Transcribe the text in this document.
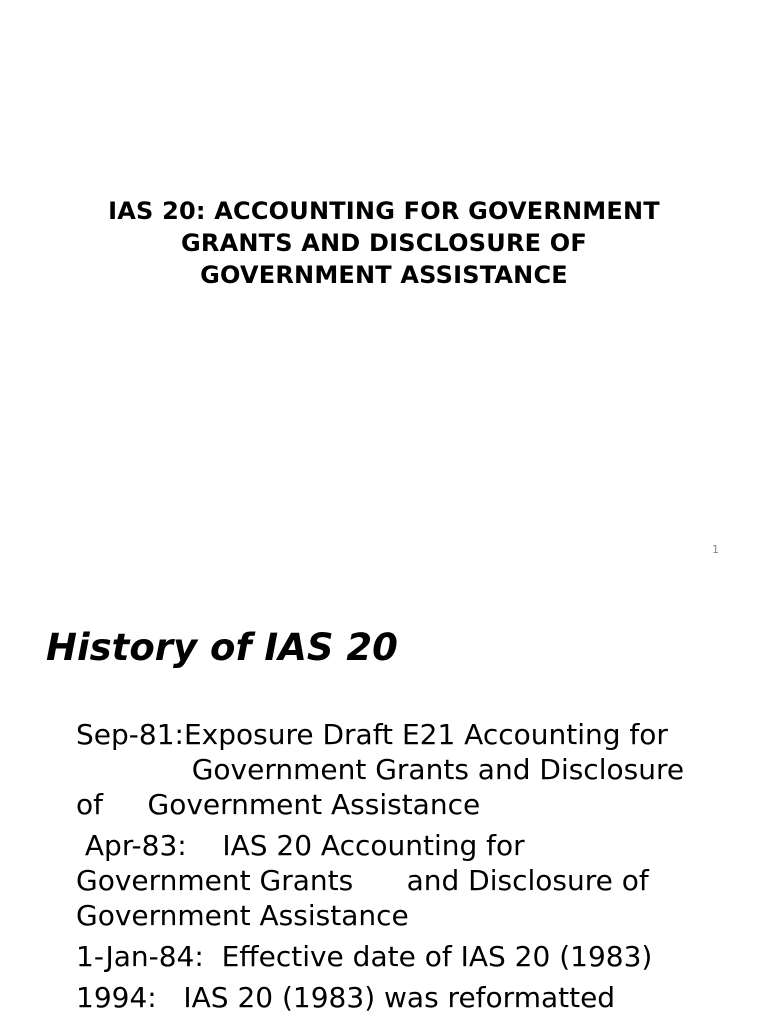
IAS 20: ACCOUNTING FOR GOVERNMENT
GRANTS AND DISCLOSURE OF
GOVERNMENT ASSISTANCE
1
History of IAS 20
Sep-81:Exposure Draft E21 Accounting for
Government Grants and Disclosure
of     Government Assistance
Apr-83:    IAS 20 Accounting for
Government Grants      and Disclosure of
Government Assistance
1-Jan-84:  Effective date of IAS 20 (1983)
1994:   IAS 20 (1983) was reformatted
